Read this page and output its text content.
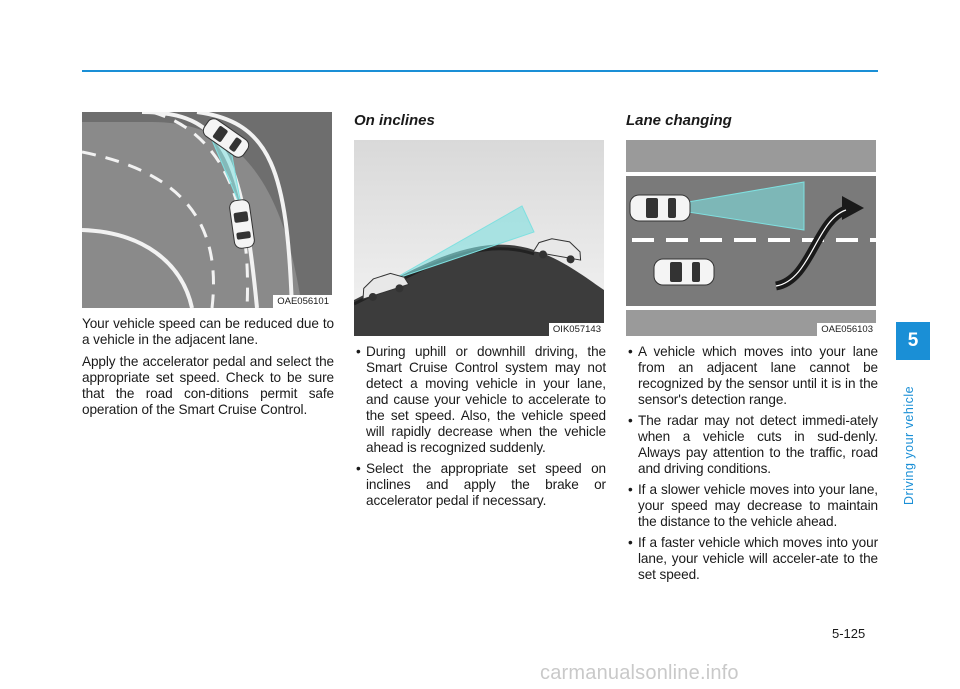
OAE056101

Your vehicle speed can be reduced due to a vehicle in the adjacent lane.

Apply the accelerator pedal and select the appropriate set speed. Check to be sure that the road con-ditions permit safe operation of the Smart Cruise Control.

On inclines
OIK057143
• During uphill or downhill driving, the Smart Cruise Control system may not detect a moving vehicle in your lane, and cause your vehicle to accelerate to the set speed. Also, the vehicle speed will rapidly decrease when the vehicle ahead is recognized suddenly.
• Select the appropriate set speed on inclines and apply the brake or accelerator pedal if necessary.
Lane changing
OAE056103
• A vehicle which moves into your lane from an adjacent lane cannot be recognized by the sensor until it is in the sensor's detection range.
• The radar may not detect immedi-ately when a vehicle cuts in sud-denly. Always pay attention to the traffic, road and driving conditions.
• If a slower vehicle moves into your lane, your speed may decrease to maintain the distance to the vehicle ahead.
• If a faster vehicle which moves into your lane, your vehicle will acceler-ate to the set speed.
5
Driving your vehicle
5-125
carmanualsonline.info
